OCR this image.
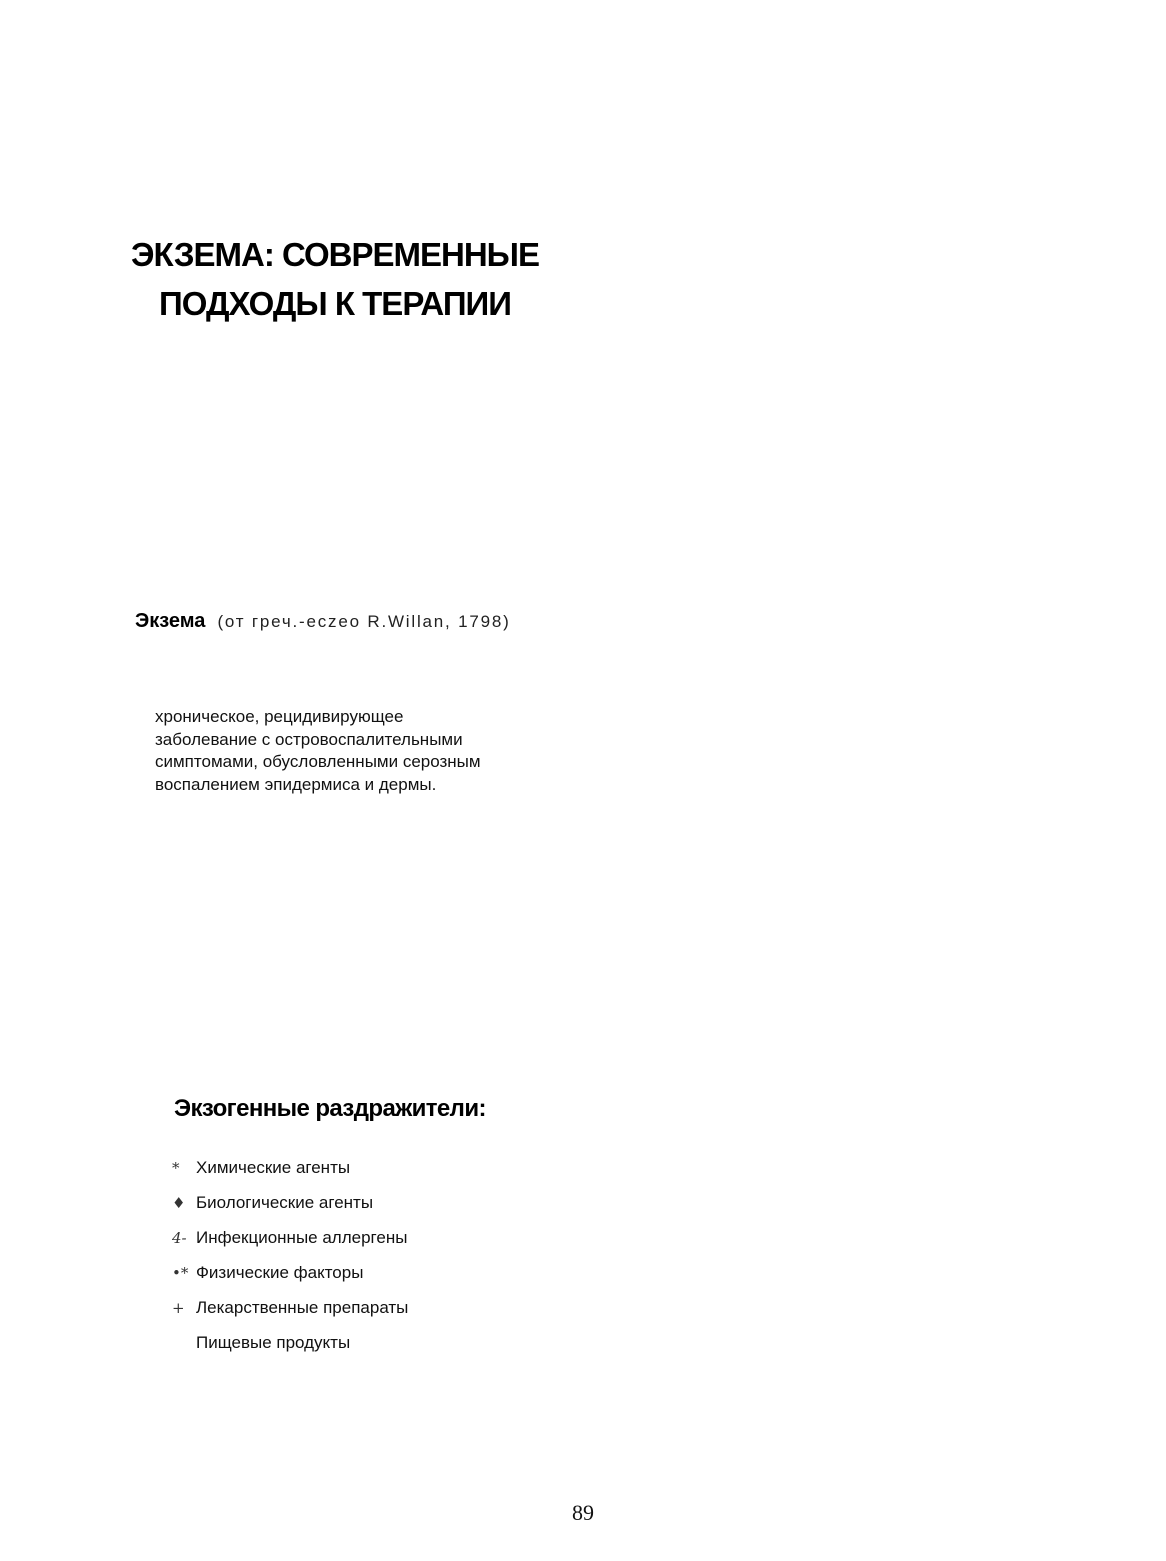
ЭКЗЕМА: СОВРЕМЕННЫЕ
ПОДХОДЫ К ТЕРАПИИ
Экзема (от греч.-eczeo R.Willan, 1798)
хроническое, рецидивирующее
заболевание с островоспалительными
симптомами, обусловленными серозным
воспалением эпидермиса и дермы.
Экзогенные раздражители:
* Химические агенты
♦ Биологические агенты
4- Инфекционные аллергены
•* Физические факторы
+ Лекарственные препараты
Пищевые продукты
89
